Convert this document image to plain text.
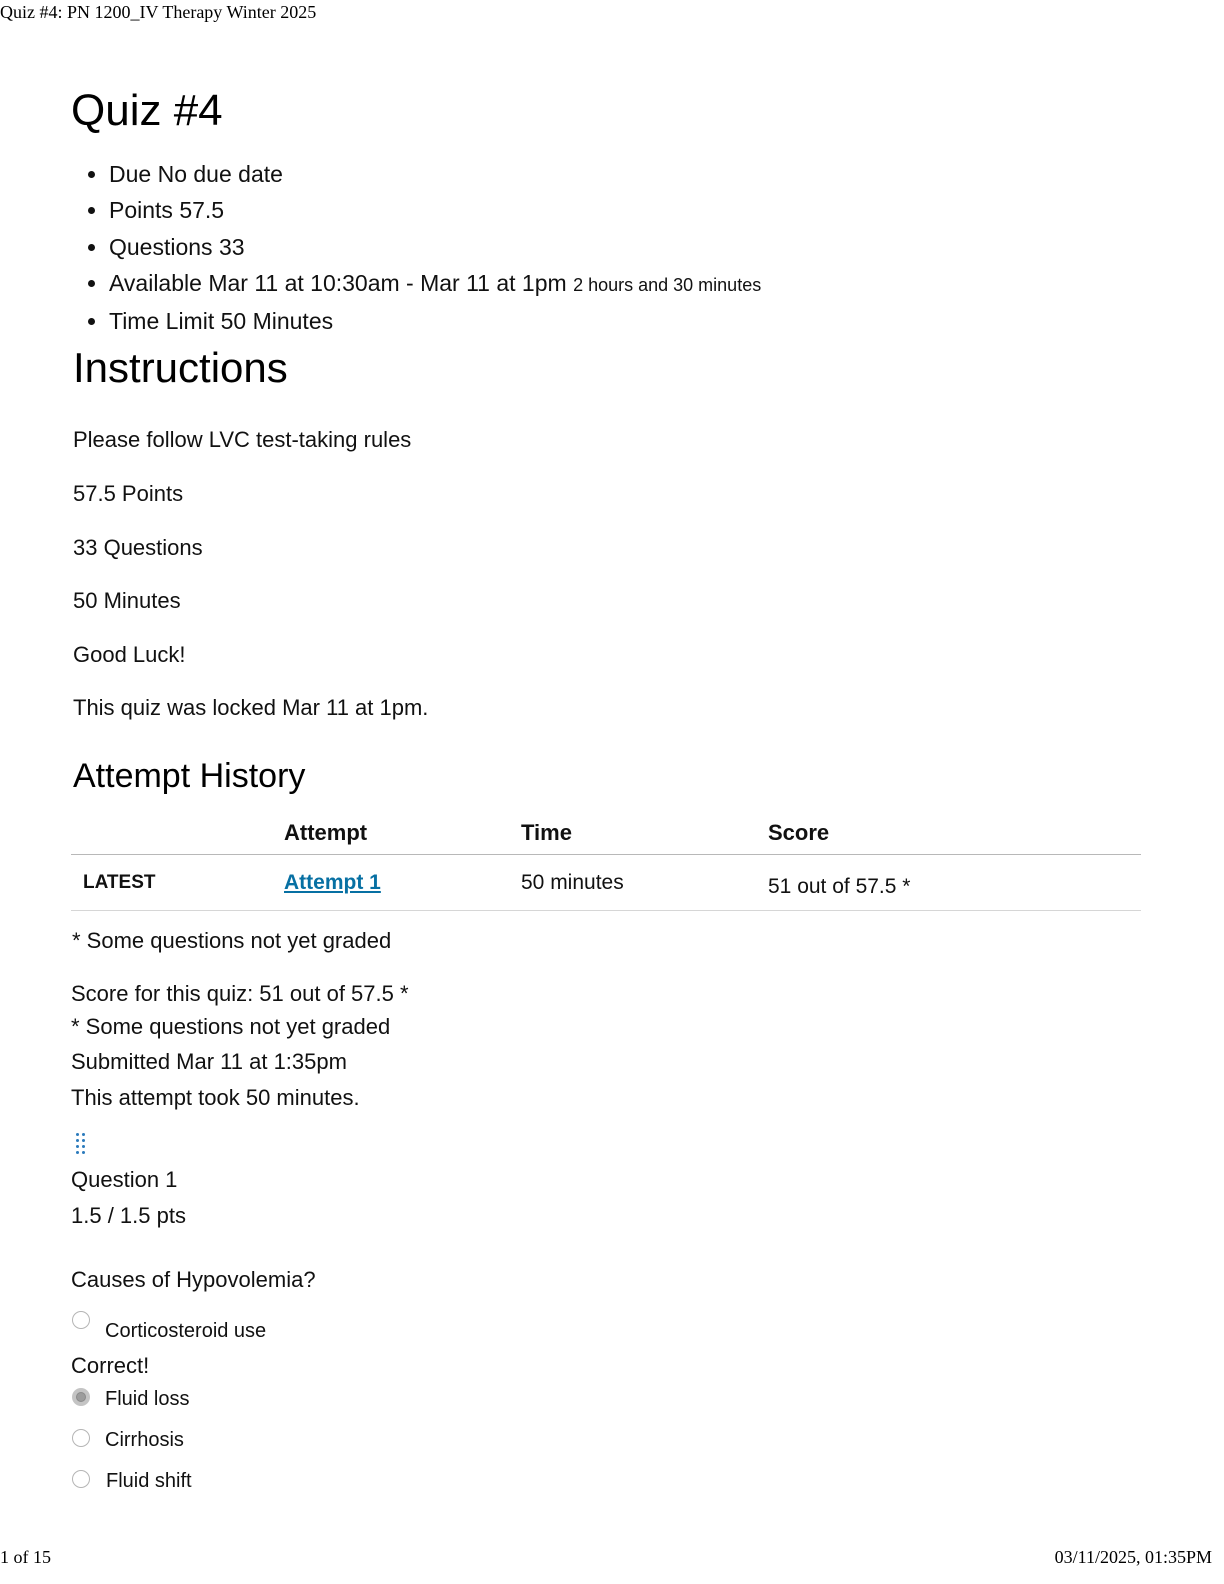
Quiz #4: PN 1200_IV Therapy Winter 2025
1 of 15	03/11/2025, 01:35PM
Quiz #4
• Due No due date
• Points 57.5
• Questions 33
• Available Mar 11 at 10:30am - Mar 11 at 1pm 2 hours and 30 minutes
• Time Limit 50 Minutes
Instructions
Please follow LVC test-taking rules
57.5 Points
33 Questions
50 Minutes
Good Luck!
This quiz was locked Mar 11 at 1pm.
Attempt History
	Attempt	Time	Score
LATEST	Attempt 1	50 minutes	51 out of 57.5 *
* Some questions not yet graded
Score for this quiz: 51 out of 57.5 *
* Some questions not yet graded
Submitted Mar 11 at 1:35pm
This attempt took 50 minutes.
Question 1
1.5 / 1.5 pts
Causes of Hypovolemia?
Corticosteroid use
Correct!
Fluid loss
Cirrhosis
Fluid shift
